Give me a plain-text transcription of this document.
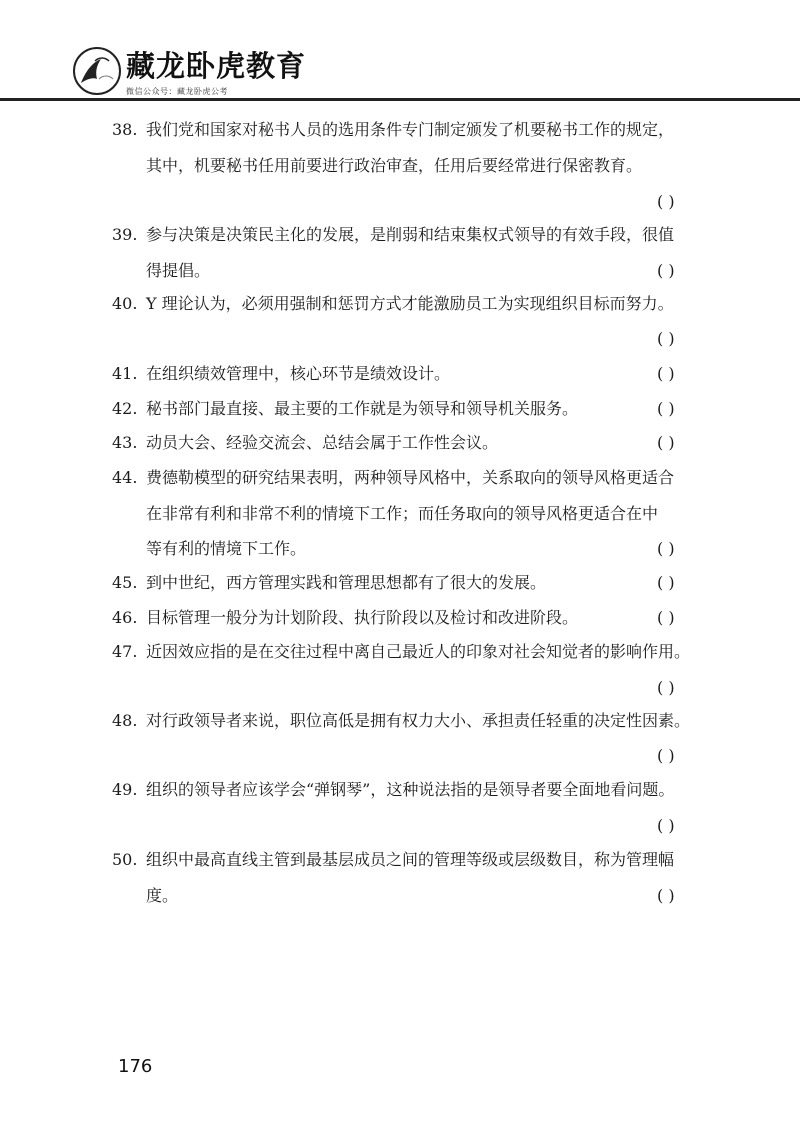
藏龙卧虎教育
微信公众号：藏龙卧虎公考
38. 我们党和国家对秘书人员的选用条件专门制定颁发了机要秘书工作的规定，
其中，机要秘书任用前要进行政治审查，任用后要经常进行保密教育。
( )
39. 参与决策是决策民主化的发展，是削弱和结束集权式领导的有效手段，很值
得提倡。	( )
40. Y 理论认为，必须用强制和惩罚方式才能激励员工为实现组织目标而努力。
( )
41. 在组织绩效管理中，核心环节是绩效设计。	( )
42. 秘书部门最直接、最主要的工作就是为领导和领导机关服务。	( )
43. 动员大会、经验交流会、总结会属于工作性会议。	( )
44. 费德勒模型的研究结果表明，两种领导风格中，关系取向的领导风格更适合
在非常有利和非常不利的情境下工作；而任务取向的领导风格更适合在中
等有利的情境下工作。	( )
45. 到中世纪，西方管理实践和管理思想都有了很大的发展。	( )
46. 目标管理一般分为计划阶段、执行阶段以及检讨和改进阶段。	( )
47. 近因效应指的是在交往过程中离自己最近人的印象对社会知觉者的影响作用。
( )
48. 对行政领导者来说，职位高低是拥有权力大小、承担责任轻重的决定性因素。
( )
49. 组织的领导者应该学会“弹钢琴”，这种说法指的是领导者要全面地看问题。
( )
50. 组织中最高直线主管到最基层成员之间的管理等级或层级数目，称为管理幅
度。	( )
176
